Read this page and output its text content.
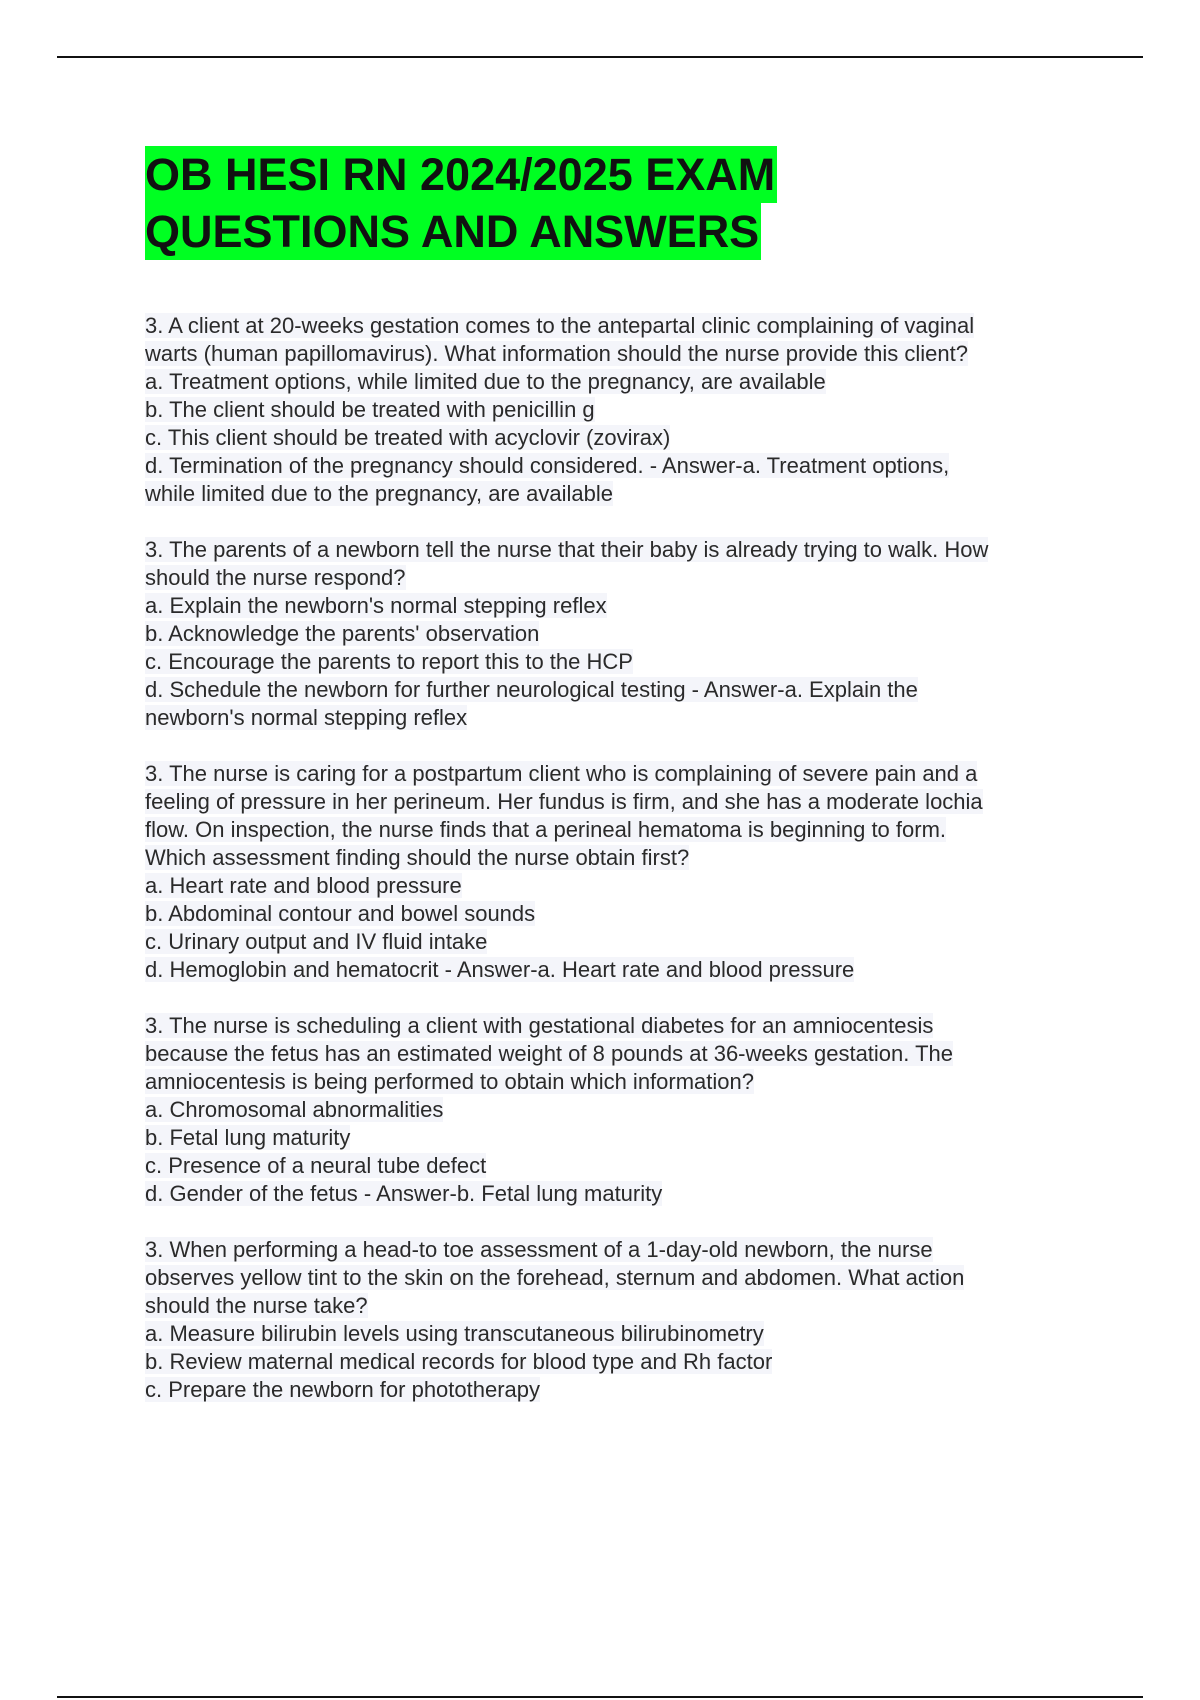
OB HESI RN 2024/2025 EXAM
QUESTIONS AND ANSWERS
3. A client at 20-weeks gestation comes to the antepartal clinic complaining of vaginal
warts (human papillomavirus). What information should the nurse provide this client?
a. Treatment options, while limited due to the pregnancy, are available
b. The client should be treated with penicillin g
c. This client should be treated with acyclovir (zovirax)
d. Termination of the pregnancy should considered. - Answer-a. Treatment options,
while limited due to the pregnancy, are available
3. The parents of a newborn tell the nurse that their baby is already trying to walk. How
should the nurse respond?
a. Explain the newborn's normal stepping reflex
b. Acknowledge the parents' observation
c. Encourage the parents to report this to the HCP
d. Schedule the newborn for further neurological testing - Answer-a. Explain the
newborn's normal stepping reflex
3. The nurse is caring for a postpartum client who is complaining of severe pain and a
feeling of pressure in her perineum. Her fundus is firm, and she has a moderate lochia
flow. On inspection, the nurse finds that a perineal hematoma is beginning to form.
Which assessment finding should the nurse obtain first?
a. Heart rate and blood pressure
b. Abdominal contour and bowel sounds
c. Urinary output and IV fluid intake
d. Hemoglobin and hematocrit - Answer-a. Heart rate and blood pressure
3. The nurse is scheduling a client with gestational diabetes for an amniocentesis
because the fetus has an estimated weight of 8 pounds at 36-weeks gestation. The
amniocentesis is being performed to obtain which information?
a. Chromosomal abnormalities
b. Fetal lung maturity
c. Presence of a neural tube defect
d. Gender of the fetus - Answer-b. Fetal lung maturity
3. When performing a head-to toe assessment of a 1-day-old newborn, the nurse
observes yellow tint to the skin on the forehead, sternum and abdomen. What action
should the nurse take?
a. Measure bilirubin levels using transcutaneous bilirubinometry
b. Review maternal medical records for blood type and Rh factor
c. Prepare the newborn for phototherapy
